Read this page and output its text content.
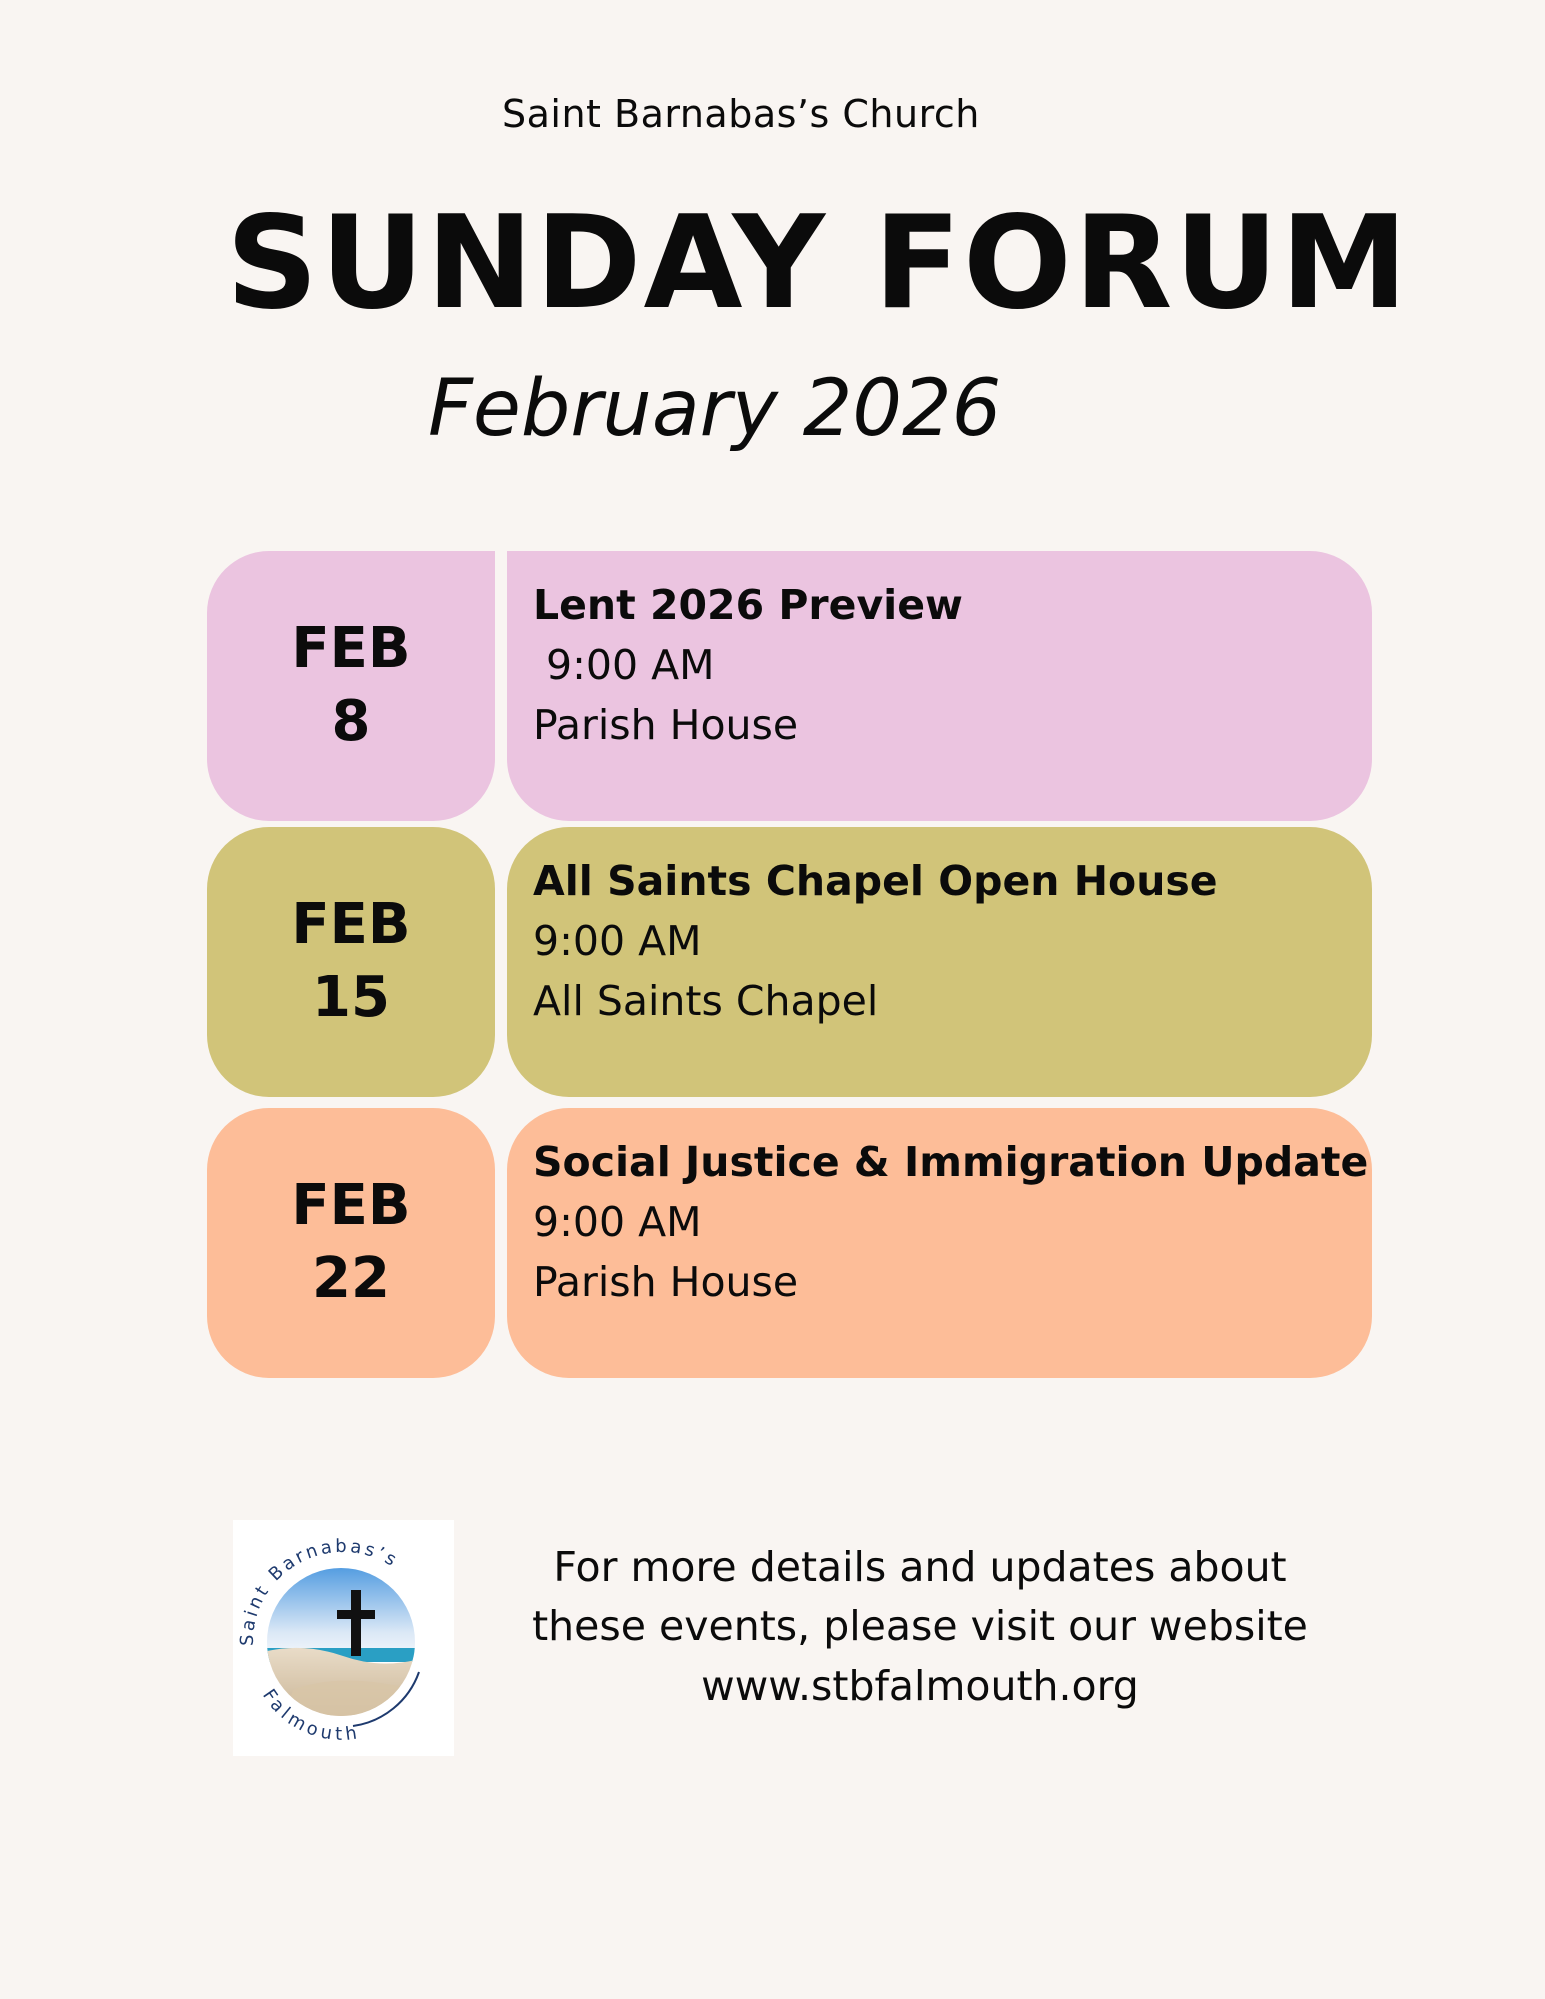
Saint Barnabas’s Church
SUNDAY FORUM
February 2026
FEB
8
Lent 2026 Preview
9:00 AM
Parish House
FEB
15
All Saints Chapel Open House
9:00 AM
All Saints Chapel
FEB
22
Social Justice & Immigration Update
9:00 AM
Parish House
Saint Barnabas’s
Falmouth
For more details and updates about
these events, please visit our website
www.stbfalmouth.org
